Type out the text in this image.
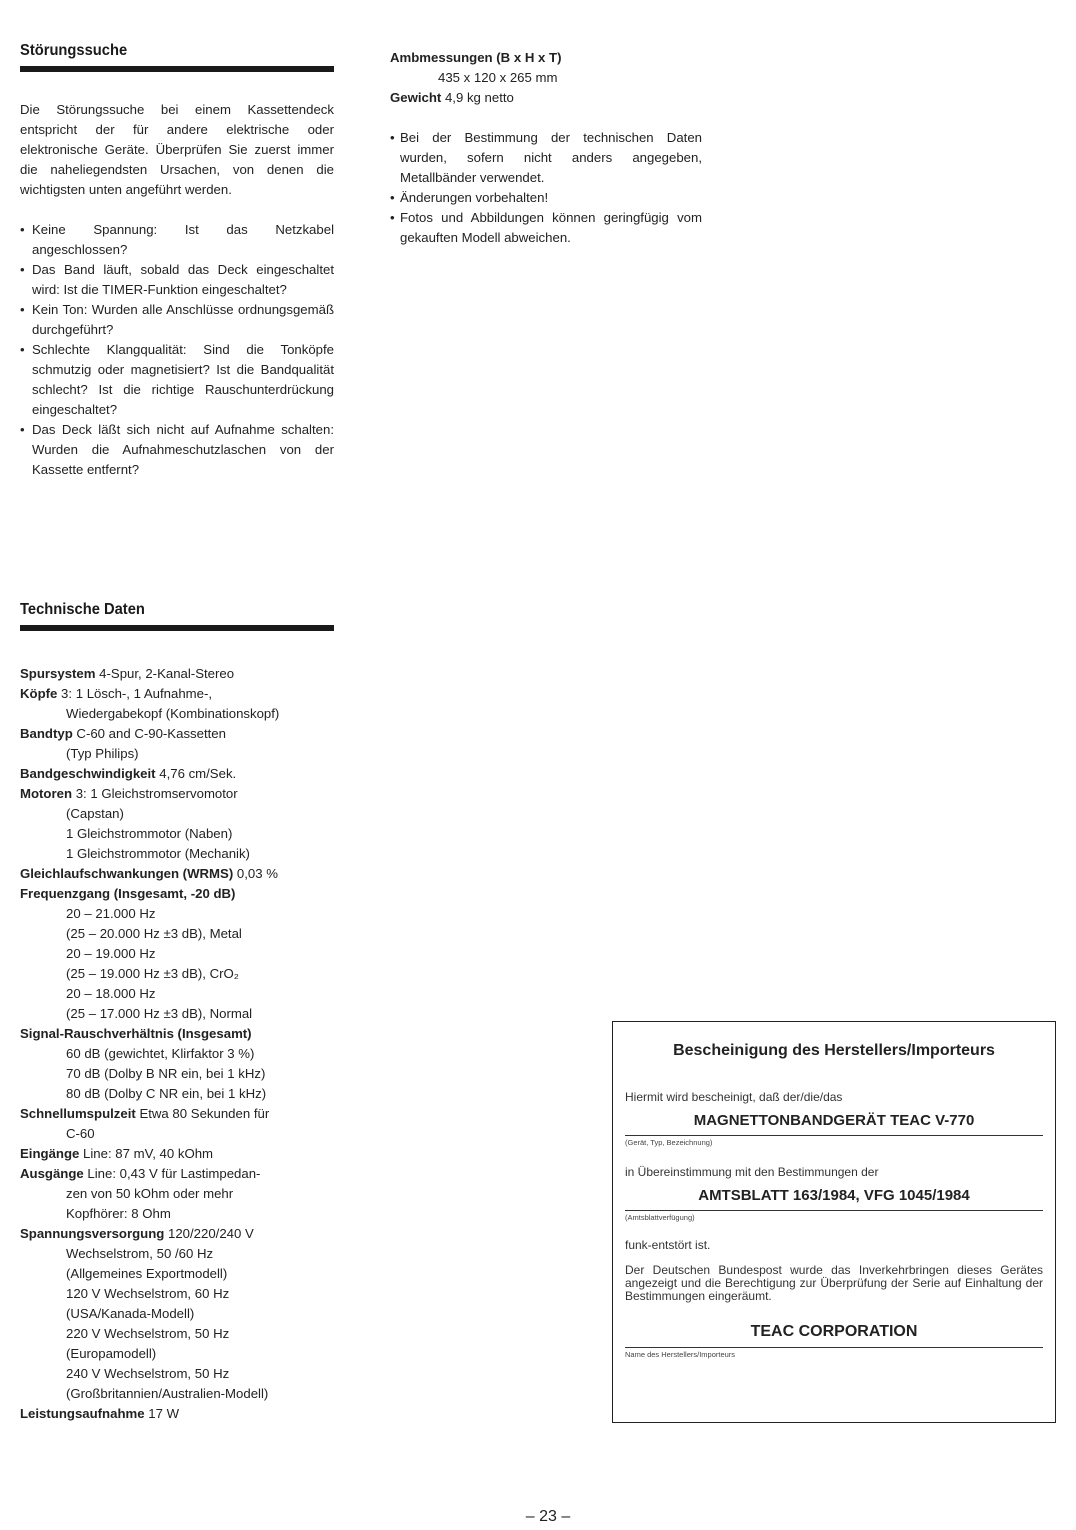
Störungssuche

Die Störungssuche bei einem Kassettendeck entspricht der für andere elektrische oder elektronische Geräte. Überprüfen Sie zuerst immer die naheliegendsten Ursachen, von denen die wichtigsten unten angeführt werden.

• Keine Spannung: Ist das Netzkabel angeschlossen?
• Das Band läuft, sobald das Deck eingeschaltet wird: Ist die TIMER-Funktion eingeschaltet?
• Kein Ton: Wurden alle Anschlüsse ordnungsgemäß durchgeführt?
• Schlechte Klangqualität: Sind die Tonköpfe schmutzig oder magnetisiert? Ist die Bandqualität schlecht? Ist die richtige Rauschunterdrückung eingeschaltet?
• Das Deck läßt sich nicht auf Aufnahme schalten: Wurden die Aufnahmeschutzlaschen von der Kassette entfernt?
Technische Daten
Spursystem 4-Spur, 2-Kanal-Stereo
Köpfe 3: 1 Lösch-, 1 Aufnahme-,
Wiedergabekopf (Kombinationskopf)
Bandtyp C-60 and C-90-Kassetten
(Typ Philips)
Bandgeschwindigkeit 4,76 cm/Sek.
Motoren 3: 1 Gleichstromservomotor
(Capstan)
1 Gleichstrommotor (Naben)
1 Gleichstrommotor (Mechanik)
Gleichlaufschwankungen (WRMS) 0,03 %
Frequenzgang (Insgesamt, -20 dB)
20 – 21.000 Hz
(25 – 20.000 Hz ±3 dB), Metal
20 – 19.000 Hz
(25 – 19.000 Hz ±3 dB), CrO₂
20 – 18.000 Hz
(25 – 17.000 Hz ±3 dB), Normal
Signal-Rauschverhältnis (Insgesamt)
60 dB (gewichtet, Klirfaktor 3 %)
70 dB (Dolby B NR ein, bei 1 kHz)
80 dB (Dolby C NR ein, bei 1 kHz)
Schnellumspulzeit Etwa 80 Sekunden für
C-60
Eingänge Line: 87 mV, 40 kOhm
Ausgänge Line: 0,43 V für Lastimpedan-
zen von 50 kOhm oder mehr
Kopfhörer: 8 Ohm
Spannungsversorgung 120/220/240 V
Wechselstrom, 50 /60 Hz
(Allgemeines Exportmodell)
120 V Wechselstrom, 60 Hz
(USA/Kanada-Modell)
220 V Wechselstrom, 50 Hz
(Europamodell)
240 V Wechselstrom, 50 Hz
(Großbritannien/Australien-Modell)
Leistungsaufnahme 17 W
Ambmessungen (B x H x T)
435 x 120 x 265 mm
Gewicht 4,9 kg netto
• Bei der Bestimmung der technischen Daten wurden, sofern nicht anders angegeben, Metallbänder verwendet.
• Änderungen vorbehalten!
• Fotos und Abbildungen können geringfügig vom gekauften Modell abweichen.
Bescheinigung des Herstellers/Importeurs
Hiermit wird bescheinigt, daß der/die/das
MAGNETTONBANDGERÄT TEAC V-770
(Gerät, Typ, Bezeichnung)
in Übereinstimmung mit den Bestimmungen der
AMTSBLATT 163/1984, VFG 1045/1984
(Amtsblattverfügung)
funk-entstört ist.
Der Deutschen Bundespost wurde das Inverkehrbringen dieses Gerätes angezeigt und die Berechtigung zur Überprüfung der Serie auf Einhaltung der Bestimmungen eingeräumt.
TEAC CORPORATION
Name des Herstellers/Importeurs
– 23 –
